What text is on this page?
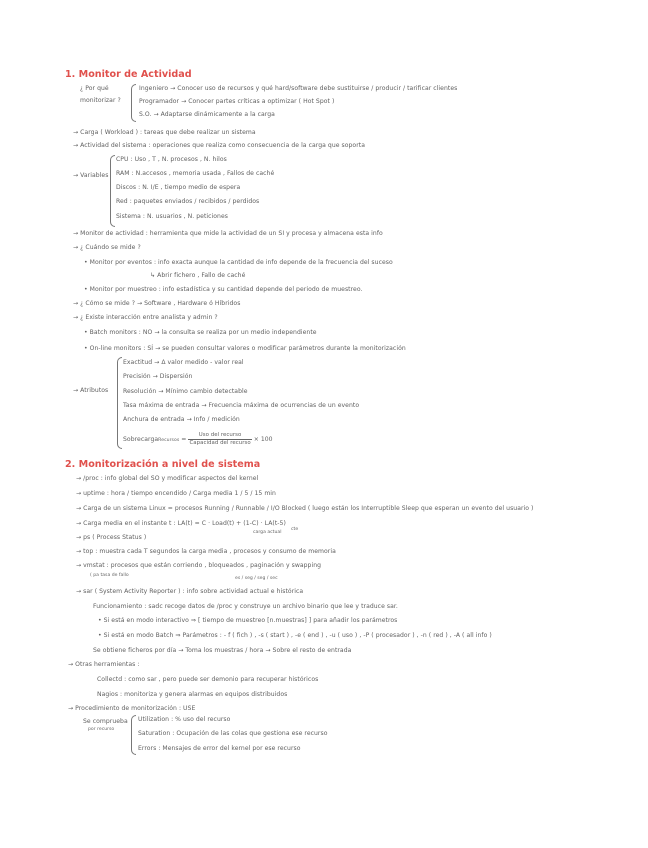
1. Monitor de Actividad
¿ Por qué
monitorizar ?
Ingeniero → Conocer uso de recursos y qué hard/software debe sustituirse / producir / tarificar clientes
Programador → Conocer partes críticas a optimizar ( Hot Spot )
S.O. → Adaptarse dinámicamente a la carga
→ Carga ( Workload ) : tareas que debe realizar un sistema
→ Actividad del sistema : operaciones que realiza como consecuencia de la carga que soporta
→ Variables
CPU : Uso , T , N. procesos , N. hilos
RAM : N.accesos , memoria usada , Fallos de caché
Discos : N. I/E , tiempo medio de espera
Red : paquetes enviados / recibidos / perdidos
Sistema : N. usuarios , N. peticiones
→ Monitor de actividad : herramienta que mide la actividad de un SI y procesa y almacena esta info
→ ¿ Cuándo se mide ?
• Monitor por eventos : info exacta aunque la cantidad de info depende de la frecuencia del suceso
↳ Abrir fichero , Fallo de caché
• Monitor por muestreo : info estadística y su cantidad depende del periodo de muestreo.
→ ¿ Cómo se mide ? → Software , Hardware ó Híbridos
→ ¿ Existe interacción entre analista y admin ?
• Batch monitors : NO → la consulta se realiza por un medio independiente
• On-line monitors : SÍ → se pueden consultar valores o modificar parámetros durante la monitorización
→ Atributos
Exactitud → Δ valor medido - valor real
Precisión → Dispersión
Resolución → Mínimo cambio detectable
Tasa máxima de entrada → Frecuencia máxima de ocurrencias de un evento
Anchura de entrada → Info / medición
SobrecargaRecursos = $\frac{\text{Uso del recurso}}{\text{Capacidad del recurso}} \times 100$
2. Monitorización a nivel de sistema
→ /proc : info global del SO y modificar aspectos del kernel
→ uptime : hora / tiempo encendido / Carga media 1 / 5 / 15 min
→ Carga de un sistema Linux = procesos Running / Runnable / I/O Blocked ( luego están los Interruptible Sleep que esperan un evento del usuario )
→ Carga media en el instante t : LA(t) = C · Load(t) + (1-C) · LA(t-5)
carga actual
cte
→ ps ( Process Status )
→ top : muestra cada T segundos la carga media , procesos y consumo de memoria
→ vmstat : procesos que están corriendo , bloqueados , paginación y swapping
( pa tasa de fallo
es / seg / seg / sec
→ sar ( System Activity Reporter ) : info sobre actividad actual e histórica
Funcionamiento : sadc recoge datos de /proc y construye un archivo binario que lee y traduce sar.
• Si está en modo interactivo ⇒ [ tiempo de muestreo [n.muestras] ] para añadir los parámetros
• Si está en modo Batch ⇒ Parámetros : - f ( fich ) , -s ( start ) , -e ( end ) , -u ( uso ) , -P ( procesador ) , -n ( red ) , -A ( all info )
Se obtiene ficheros por día → Toma los muestras / hora → Sobre el resto de entrada
→ Otras herramientas :
Collectd : como sar , pero puede ser demonio para recuperar históricos
Nagios : monitoriza y genera alarmas en equipos distribuidos
→ Procedimiento de monitorización : USE
Se comprueba
por recurso
Utilization : % uso del recurso
Saturation : Ocupación de las colas que gestiona ese recurso
Errors : Mensajes de error del kernel por ese recurso
